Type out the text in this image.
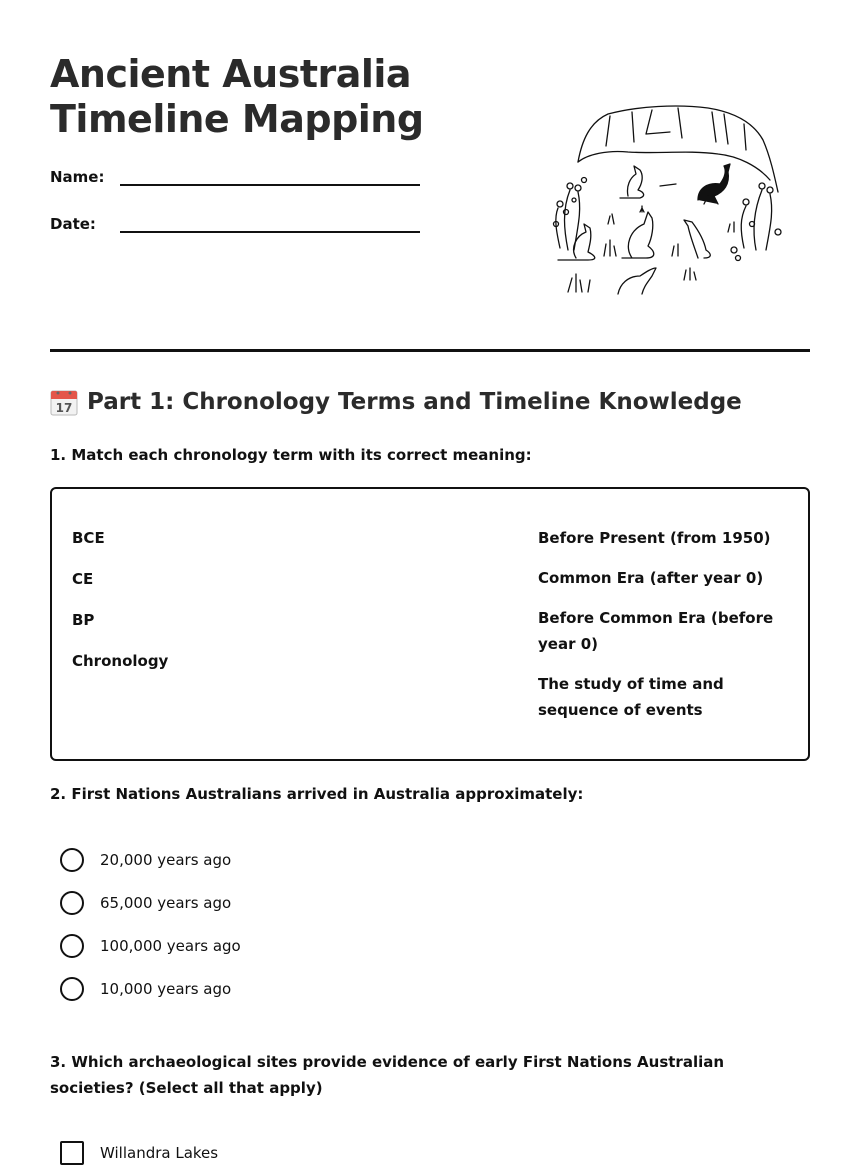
Ancient Australia
Timeline Mapping
Name:
Date:
17 Part 1: Chronology Terms and Timeline Knowledge
1. Match each chronology term with its correct meaning:
BCE
CE
BP
Chronology
Before Present (from 1950)
Common Era (after year 0)
Before Common Era (before year 0)
The study of time and sequence of events
2. First Nations Australians arrived in Australia approximately:
20,000 years ago
65,000 years ago
100,000 years ago
10,000 years ago
3. Which archaeological sites provide evidence of early First Nations Australian societies? (Select all that apply)
Willandra Lakes
